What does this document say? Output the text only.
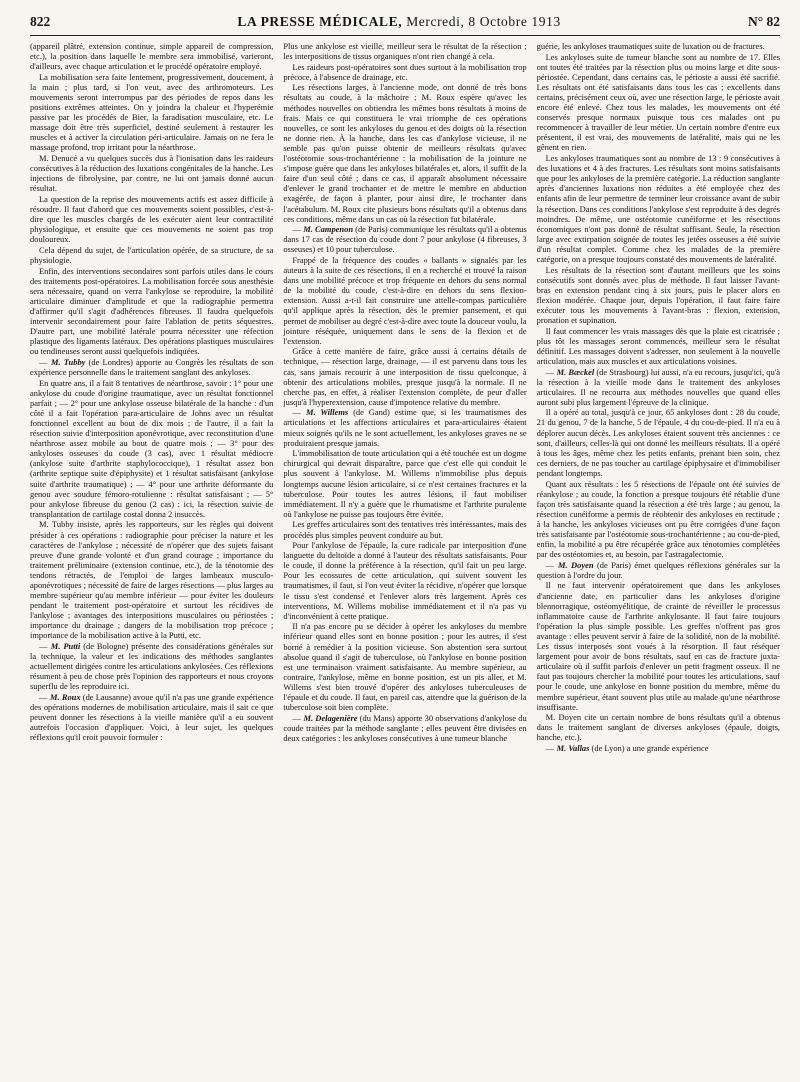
822	LA PRESSE MÉDICALE, Mercredi, 8 Octobre 1913	N° 82

(appareil plâtré, extension continue, simple appareil de compression, etc.), la position dans laquelle le membre sera immobilisé, varieront, d'ailleurs, avec chaque articulation et le procédé opératoire employé.

La mobilisation sera faite lentement, progressivement, doucement, à la main ; plus tard, si l'on veut, avec des arthromoteurs. Les mouvements seront interrompus par des périodes de repos dans les positions extrêmes atteintes. On y joindra la chaleur et l'hyperémie passive par les procédés de Bier, la faradisation musculaire, etc. Le massage doit être très superficiel, destiné seulement à restaurer les muscles et à activer la circulation péri-articulaire. Jamais on ne fera le massage profond, trop irritant pour la néarthrose.

M. Denucé a vu quelques succès dus à l'ionisation dans les raideurs consécutives à la réduction des luxations congénitales de la hanche. Les injections de fibrolysine, par contre, ne lui ont jamais donné aucun résultat.

La question de la reprise des mouvements actifs est assez difficile à résoudre. Il faut d'abord que ces mouvements soient possibles, c'est-à-dire que les muscles chargés de les exécuter aient leur contractilité physiologique, et ensuite que ces mouvements ne soient pas trop douloureux.

Cela dépend du sujet, de l'articulation opérée, de sa structure, de sa physiologie.

Enfin, des interventions secondaires sont parfois utiles dans le cours des traitements post-opératoires. La mobilisation forcée sous anesthésie sera nécessaire, quand on verra l'ankylose se reproduire, la mobilité articulaire diminuer d'amplitude et que la radiographie permettra d'affirmer qu'il s'agit d'adhérences fibreuses. Il faudra quelquefois intervenir secondairement pour faire l'ablation de petits séquestres. D'autre part, une mobilité latérale pourra nécessiter une réfection plastique des ligaments latéraux. Des opérations plastiques musculaires ou tendineuses seront aussi quelquefois indiquées.

— M. Tubby (de Londres) apporte au Congrès les résultats de son expérience personnelle dans le traitement sanglant des ankyloses.

En quatre ans, il a fait 8 tentatives de néarthrose, savoir : 1° pour une ankylose du coude d'origine traumatique, avec un résultat fonctionnel parfait ; — 2° pour une ankylose osseuse bilatérale de la hanche : d'un côté il a fait l'opération para-articulaire de Johns avec un résultat fonctionnel excellent au bout de dix mois ; de l'autre, il a fait la résection suivie d'interposition aponévrotique, avec reconstitution d'une néarthrose assez mobile au bout de quatre mois ; — 3° pour des ankyloses osseuses du coude (3 cas), avec 1 résultat médiocre (ankylose suite d'arthrite staphylococcique), 1 résultat assez bon (arthrite septique suite d'épiphysite) et 1 résultat satisfaisant (ankylose suite d'arthrite traumatique) ; — 4° pour une arthrite déformante du genou avec soudure fémoro-rotulienne : résultat satisfaisant ; — 5° pour ankylose fibreuse du genou (2 cas) : ici, la résection suivie de transplantation de cartilage costal donna 2 insuccès.

M. Tubby insiste, après les rapporteurs, sur les règles qui doivent présider à ces opérations : radiographie pour préciser la nature et les caractères de l'ankylose ; nécessité de n'opérer que des sujets faisant preuve d'une grande volonté et d'un grand courage ; importance du traitement préliminaire (extension continue, etc.), de la ténotomie des tendons rétractés, de l'emploi de larges lambeaux musculo-aponévrotiques ; nécessité de faire de larges résections — plus larges au membre supérieur qu'au membre inférieur — pour éviter les douleurs pendant le traitement post-opératoire et surtout les récidives de l'ankylose ; avantages des interpositions musculaires ou périostées ; importance du drainage ; dangers de la mobilisation trop précoce ; importance de la mobilisation active à la Putti, etc.

— M. Putti (de Bologne) présente des considérations générales sur la technique, la valeur et les indications des méthodes sanglantes actuellement dirigées contre les articulations ankylosées. Ces réflexions résument à peu de chose près l'opinion des rapporteurs et nous croyons superflu de les reproduire ici.

— M. Roux (de Lausanne) avoue qu'il n'a pas une grande expérience des opérations modernes de mobilisation articulaire, mais il sait ce que peuvent donner les résections à la vieille manière qu'il a eu souvent autrefois l'occasion d'appliquer. Voici, à leur sujet, les quelques réflexions qu'il croit pouvoir formuler :

Plus une ankylose est vieille, meilleur sera le résultat de la résection ; les interpositions de tissus organiques n'ont rien changé à cela.

Les raideurs post-opératoires sont dues surtout à la mobilisation trop précoce, à l'absence de drainage, etc.

Les résections larges, à l'ancienne mode, ont donné de très bons résultats au coude, à la mâchoire ; M. Roux espère qu'avec les méthodes nouvelles on obtiendra les mêmes bons résultats à moins de frais. Mais ce qui constituera le vrai triomphe de ces opérations nouvelles, ce sont les ankyloses du genou et des doigts où la résection ne donne rien. À la hanche, dans les cas d'ankylose vicieuse, il ne semble pas qu'on puisse obtenir de meilleurs résultats qu'avec l'ostéotomie sous-trochantérienne : la mobilisation de la jointure ne s'impose guère que dans les ankyloses bilatérales et, alors, il suffit de la faire d'un seul côté ; dans ce cas, il apparaît absolument nécessaire d'enlever le grand trochanter et de mettre le membre en abduction exagérée, de façon à planter, pour ainsi dire, le trochanter dans l'acétabulum. M. Roux cite plusieurs bons résultats qu'il a obtenus dans ces conditions, même dans un cas où la résection fut bilatérale.

— M. Campenon (de Paris) communique les résultats qu'il a obtenus dans 17 cas de résection du coude dont 7 pour ankylose (4 fibreuses, 3 osseuses) et 10 pour tuberculose.

Frappé de la fréquence des coudes « ballants » signalés par les auteurs à la suite de ces résections, il en a recherché et trouvé la raison dans une mobilité précoce et trop fréquente en dehors du sens normal de la mobilité du coude, c'est-à-dire en dehors du sens flexion-extension. Aussi a-t-il fait construire une attelle-compas particulière qu'il applique après la résection, dès le premier pansement, et qui permet de mobiliser au degré c'est-à-dire avec toute la douceur voulu, la jointure réséquée, uniquement dans le sens de la flexion et de l'extension.

Grâce à cette manière de faire, grâce aussi à certains détails de technique, — résection large, drainage, — il est parvenu dans tous les cas, sans jamais recourir à une interposition de tissu quelconque, à obtenir des articulations mobiles, presque jusqu'à la normale. Il ne cherche pas, en effet, à réaliser l'extension complète, de peur d'aller jusqu'à l'hyperextension, cause d'impotence relative du membre.

— M. Willems (de Gand) estime que, si les traumatismes des articulations et les affections articulaires et para-articulaires étaient mieux soignés qu'ils ne le sont actuellement, les ankyloses graves ne se produiraient presque jamais.

L'immobilisation de toute articulation qui a été touchée est un dogme chirurgical qui devrait disparaître, parce que c'est elle qui conduit le plus souvent à l'ankylose. M. Willems n'immobilise plus depuis longtemps aucune lésion articulaire, si ce n'est certaines fractures et la tuberculose. Pour toutes les autres lésions, il faut mobiliser immédiatement. Il n'y a guère que le rhumatisme et l'arthrite purulente où l'ankylose ne puisse pas toujours être évitée.

Les greffes articulaires sont des tentatives très intéressantes, mais des procédés plus simples peuvent conduire au but.

Pour l'ankylose de l'épaule, la cure radicale par interposition d'une languette du deltoïde a donné à l'auteur des résultats satisfaisants. Pour le coude, il donne la préférence à la résection, qu'il fait un peu large. Pour les ecossures de cette articulation, qui suivent souvent les traumatismes, il faut, si l'on veut éviter la récidive, n'opérer que lorsque le tissu s'est condensé et l'enlever alors très largement. Après ces interventions, M. Willems mobilise immédiatement et il n'a pas vu d'inconvénient à cette pratique.

Il n'a pas encore pu se décider à opérer les ankyloses du membre inférieur quand elles sont en bonne position ; pour les autres, il s'est borné à remédier à la position vicieuse. Son abstention sera surtout absolue quand il s'agit de tuberculose, où l'ankylose en bonne position est une terminaison vraiment satisfaisante. Au membre supérieur, au contraire, l'ankylose, même en bonne position, est un pis aller, et M. Willems s'est bien trouvé d'opérer des ankyloses tuberculeuses de l'épaule et du coude. Il faut, en pareil cas, attendre que la guérison de la tuberculose soit bien complète.

— M. Delagenière (du Mans) apporte 30 observations d'ankylose du coude traitées par la méthode sanglante ; elles peuvent être divisées en deux catégories : les ankyloses consécutives à une tumeur blanche

guérie, les ankyloses traumatiques suite de luxation ou de fractures.

Les ankyloses suite de tumeur blanche sont au nombre de 17. Elles ont toutes été traitées par la résection plus ou moins large et dite sous-périostée. Cependant, dans certains cas, le périoste a aussi été sacrifié. Les résultats ont été satisfaisants dans tous les cas ; excellents dans certains, précisément ceux où, avec une résection large, le périoste avait encore été enlevé. Chez tous les malades, les mouvements ont été conservés presque normaux puisque tous ces malades ont pu recommencer à travailler de leur métier. Un certain nombre d'entre eux présentent, il est vrai, des mouvements de latéralité, mais qui ne les gênent en rien.

Les ankyloses traumatiques sont au nombre de 13 : 9 consécutives à des luxations et 4 à des fractures. Les résultats sont moins satisfaisants que pour les ankyloses de la première catégorie. La réduction sanglante après d'anciennes luxations non réduites a été employée chez des enfants afin de leur permettre de terminer leur croissance avant de subir la résection. Dans ces conditions l'ankylose s'est reproduite à des degrés moindres. De même, une ostéotomie cunéiforme et les résections économiques n'ont pas donné de résultat suffisant. Seule, la résection large avec extirpation soignée de toutes les jetées osseuses a été suivie d'un résultat complet. Comme chez les malades de la première catégorie, on a presque toujours constaté des mouvements de latéralité.

Les résultats de la résection sont d'autant meilleurs que les soins consécutifs sont donnés avec plus de méthode. Il faut laisser l'avant-bras en extension pendant cinq à six jours, puis le placer alors en flexion modérée. Chaque jour, depuis l'opération, il faut faire faire exécuter tous les mouvements à l'avant-bras : flexion, extension, pronation et supination.

Il faut commencer les vrais massages dès que la plaie est cicatrisée ; plus tôt les massages seront commencés, meilleur sera le résultat définitif. Les massages doivent s'adresser, non seulement à la nouvelle articulation, mais aux muscles et aux articulations voisines.

— M. Bæckel (de Strasbourg) lui aussi, n'a eu recours, jusqu'ici, qu'à la résection à la vieille mode dans le traitement des ankyloses articulaires. Il ne recourra aux méthodes nouvelles que quand elles auront subi plus largement l'épreuve de la clinique.

Il a opéré au total, jusqu'à ce jour, 65 ankyloses dont : 28 du coude, 21 du genou, 7 de la hanche, 5 de l'épaule, 4 du cou-de-pied. Il n'a eu à déplorer aucun décès. Les ankyloses étaient souvent très anciennes : ce sont, d'ailleurs, celles-là qui ont donné les meilleurs résultats. Il a opéré à tous les âges, même chez les petits enfants, prenant bien soin, chez ces derniers, de ne pas toucher au cartilage épiphysaire et d'immobiliser pendant longtemps.

Quant aux résultats : les 5 résections de l'épaule ont été suivies de réankylose ; au coude, la fonction a presque toujours été rétablie d'une façon très satisfaisante quand la résection a été très large ; au genou, la résection cunéiforme a permis de réobtenir des ankyloses en rectitude ; à la hanche, les ankyloses vicieuses ont pu être corrigées d'une façon très satisfaisante par l'ostéotomie sous-trochantérienne ; au cou-de-pied, enfin, la mobilité a pu être récupérée grâce aux ténotomies complétées par des ostéotomies et, au besoin, par l'astragalectomie.

— M. Doyen (de Paris) émet quelques réflexions générales sur la question à l'ordre du jour.

Il ne faut intervenir opératoirement que dans les ankyloses d'ancienne date, en particulier dans les ankyloses d'origine blennorragique, ostéomyélitique, de crainte de réveiller le processus inflammatoire cause de l'arthrite ankylosante. Il faut faire toujours l'opération la plus simple possible. Les greffes n'offrent pas gros avantage : elles peuvent servir à faire de la solidité, non de la mobilité. Les tissus interposés sont voués à la résorption. Il faut réséquer largement pour avoir de bons résultats, sauf en cas de fracture juxta-articulaire où il suffit parfois d'enlever un petit fragment osseux. Il ne faut pas toujours chercher la mobilité pour toutes les articulations, sauf pour le coude, une ankylose en bonne position du membre, même du membre supérieur, étant souvent plus utile au malade qu'une néarthrose insuffisante.

M. Doyen cite un certain nombre de bons résultats qu'il a obtenus dans le traitement sanglant de diverses ankyloses (épaule, doigts, hanche, etc.).

— M. Vallas (de Lyon) a une grande expérience
